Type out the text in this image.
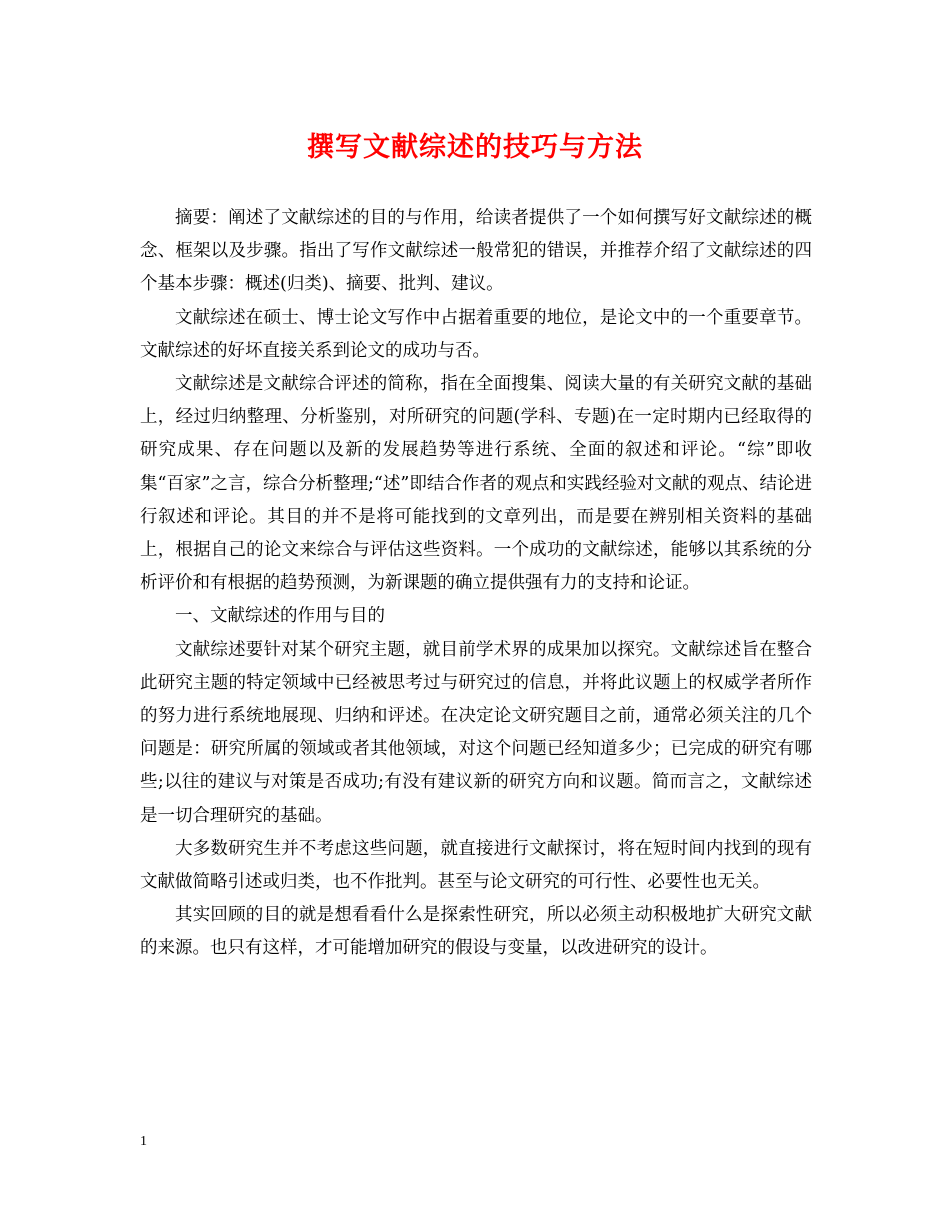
撰写文献综述的技巧与方法

摘要：阐述了文献综述的目的与作用，给读者提供了一个如何撰写好文献综述的概念、框架以及步骤。指出了写作文献综述一般常犯的错误，并推荐介绍了文献综述的四个基本步骤：概述(归类)、摘要、批判、建议。

文献综述在硕士、博士论文写作中占据着重要的地位，是论文中的一个重要章节。文献综述的好坏直接关系到论文的成功与否。

文献综述是文献综合评述的简称，指在全面搜集、阅读大量的有关研究文献的基础上，经过归纳整理、分析鉴别，对所研究的问题(学科、专题)在一定时期内已经取得的研究成果、存在问题以及新的发展趋势等进行系统、全面的叙述和评论。“综”即收集“百家”之言，综合分析整理;“述”即结合作者的观点和实践经验对文献的观点、结论进行叙述和评论。其目的并不是将可能找到的文章列出，而是要在辨别相关资料的基础上，根据自己的论文来综合与评估这些资料。一个成功的文献综述，能够以其系统的分析评价和有根据的趋势预测，为新课题的确立提供强有力的支持和论证。

一、文献综述的作用与目的

文献综述要针对某个研究主题，就目前学术界的成果加以探究。文献综述旨在整合此研究主题的特定领域中已经被思考过与研究过的信息，并将此议题上的权威学者所作的努力进行系统地展现、归纳和评述。在决定论文研究题目之前，通常必须关注的几个问题是：研究所属的领域或者其他领域，对这个问题已经知道多少；已完成的研究有哪些;以往的建议与对策是否成功;有没有建议新的研究方向和议题。简而言之，文献综述是一切合理研究的基础。

大多数研究生并不考虑这些问题，就直接进行文献探讨，将在短时间内找到的现有文献做简略引述或归类，也不作批判。甚至与论文研究的可行性、必要性也无关。

其实回顾的目的就是想看看什么是探索性研究，所以必须主动积极地扩大研究文献的来源。也只有这样，才可能增加研究的假设与变量，以改进研究的设计。

1
